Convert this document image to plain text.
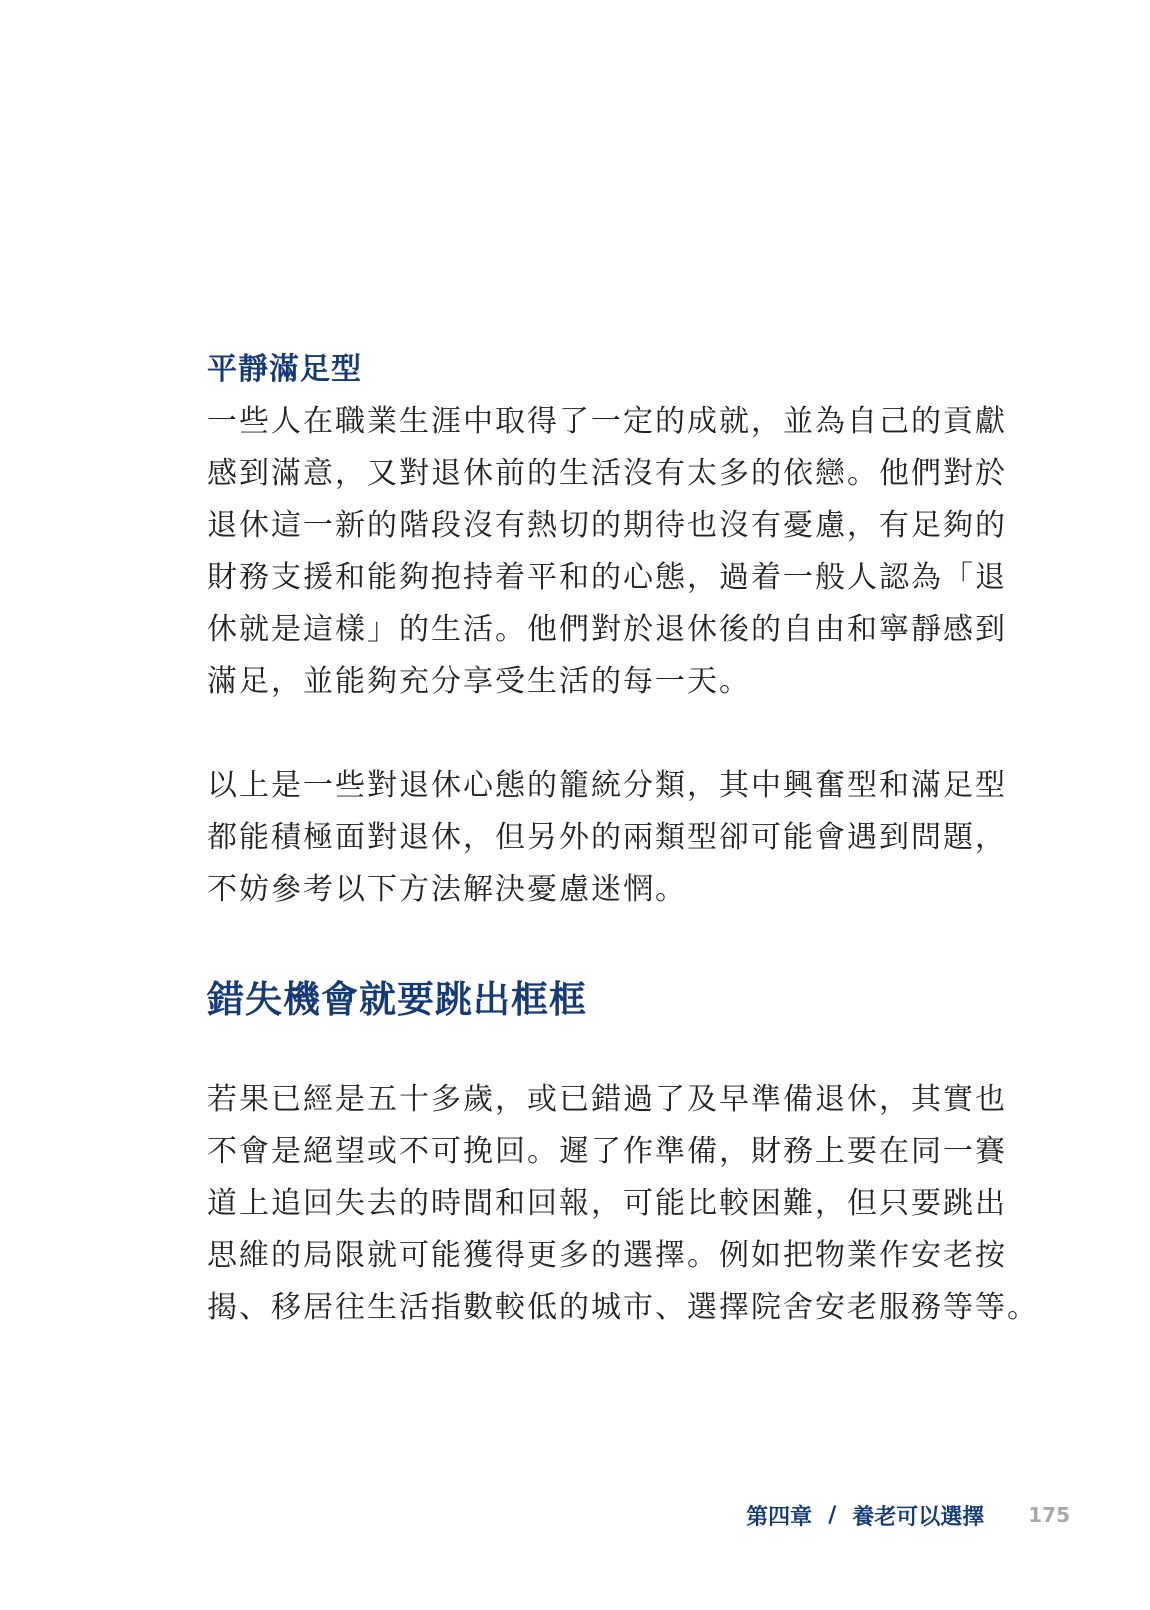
平靜滿足型

一些人在職業生涯中取得了一定的成就，並為自己的貢獻

感到滿意，又對退休前的生活沒有太多的依戀。他們對於

退休這一新的階段沒有熱切的期待也沒有憂慮，有足夠的

財務支援和能夠抱持着平和的心態，過着一般人認為「退

休就是這樣」的生活。他們對於退休後的自由和寧靜感到

滿足，並能夠充分享受生活的每一天。

以上是一些對退休心態的籠統分類，其中興奮型和滿足型

都能積極面對退休，但另外的兩類型卻可能會遇到問題，

不妨參考以下方法解決憂慮迷惘。

錯失機會就要跳出框框

若果已經是五十多歲，或已錯過了及早準備退休，其實也

不會是絕望或不可挽回。遲了作準備，財務上要在同一賽

道上追回失去的時間和回報，可能比較困難，但只要跳出

思維的局限就可能獲得更多的選擇。例如把物業作安老按

揭、移居往生活指數較低的城市、選擇院舍安老服務等等。

第四章 / 養老可以選擇 175
